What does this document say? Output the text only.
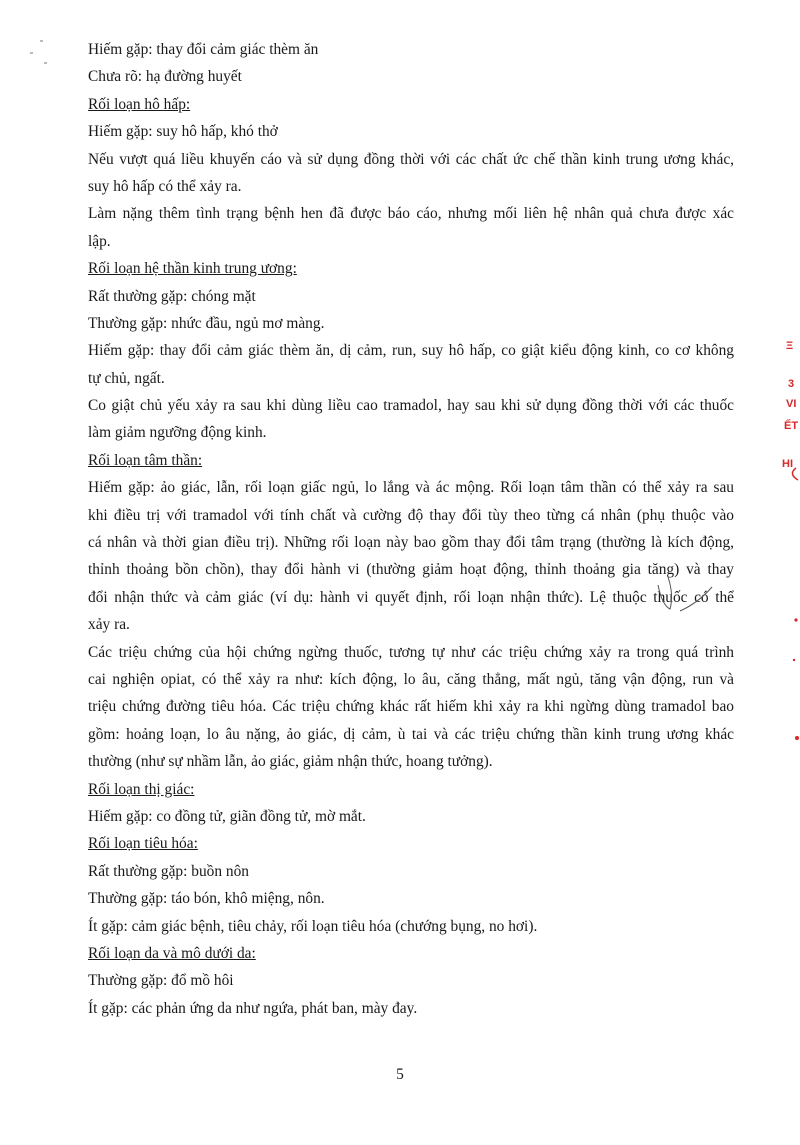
Hiếm gặp: thay đổi cảm giác thèm ăn
Chưa rõ: hạ đường huyết
Rối loạn hô hấp:
Hiếm gặp: suy hô hấp, khó thở
Nếu vượt quá liều khuyến cáo và sử dụng đồng thời với các chất ức chế thần kinh trung ương khác,
suy hô hấp có thể xảy ra.
Làm nặng thêm tình trạng bệnh hen đã được báo cáo, nhưng mối liên hệ nhân quả chưa được xác
lập.
Rối loạn hệ thần kinh trung ương:
Rất thường gặp: chóng mặt
Thường gặp: nhức đầu, ngủ mơ màng.
Hiếm gặp: thay đổi cảm giác thèm ăn, dị cảm, run, suy hô hấp, co giật kiểu động kinh, co cơ không
tự chủ, ngất.
Co giật chủ yếu xảy ra sau khi dùng liều cao tramadol, hay sau khi sử dụng đồng thời với các thuốc
làm giảm ngưỡng động kinh.
Rối loạn tâm thần:
Hiếm gặp: ảo giác, lẫn, rối loạn giấc ngủ, lo lắng và ác mộng. Rối loạn tâm thần có thể xảy ra sau
khi điều trị với tramadol với tính chất và cường độ thay đổi tùy theo từng cá nhân (phụ thuộc vào
cá nhân và thời gian điều trị). Những rối loạn này bao gồm thay đổi tâm trạng (thường là kích động,
thỉnh thoảng bồn chồn), thay đổi hành vi (thường giảm hoạt động, thỉnh thoảng gia tăng) và thay
đổi nhận thức và cảm giác (ví dụ: hành vi quyết định, rối loạn nhận thức). Lệ thuộc thuốc có thể
xảy ra.
Các triệu chứng của hội chứng ngừng thuốc, tương tự như các triệu chứng xảy ra trong quá trình
cai nghiện opiat, có thể xảy ra như: kích động, lo âu, căng thẳng, mất ngủ, tăng vận động, run và
triệu chứng đường tiêu hóa. Các triệu chứng khác rất hiếm khi xảy ra khi ngừng dùng tramadol bao
gồm: hoảng loạn, lo âu nặng, ảo giác, dị cảm, ù tai và các triệu chứng thần kinh trung ương khác
thường (như sự nhầm lẫn, ảo giác, giảm nhận thức, hoang tưởng).
Rối loạn thị giác:
Hiếm gặp: co đồng tử, giãn đồng tử, mờ mắt.
Rối loạn tiêu hóa:
Rất thường gặp: buồn nôn
Thường gặp: táo bón, khô miệng, nôn.
Ít gặp: cảm giác bệnh, tiêu chảy, rối loạn tiêu hóa (chướng bụng, no hơi).
Rối loạn da và mô dưới da:
Thường gặp: đổ mồ hôi
Ít gặp: các phản ứng da như ngứa, phát ban, mày đay.
5
Ξ
3
VI
ẾT
HI
